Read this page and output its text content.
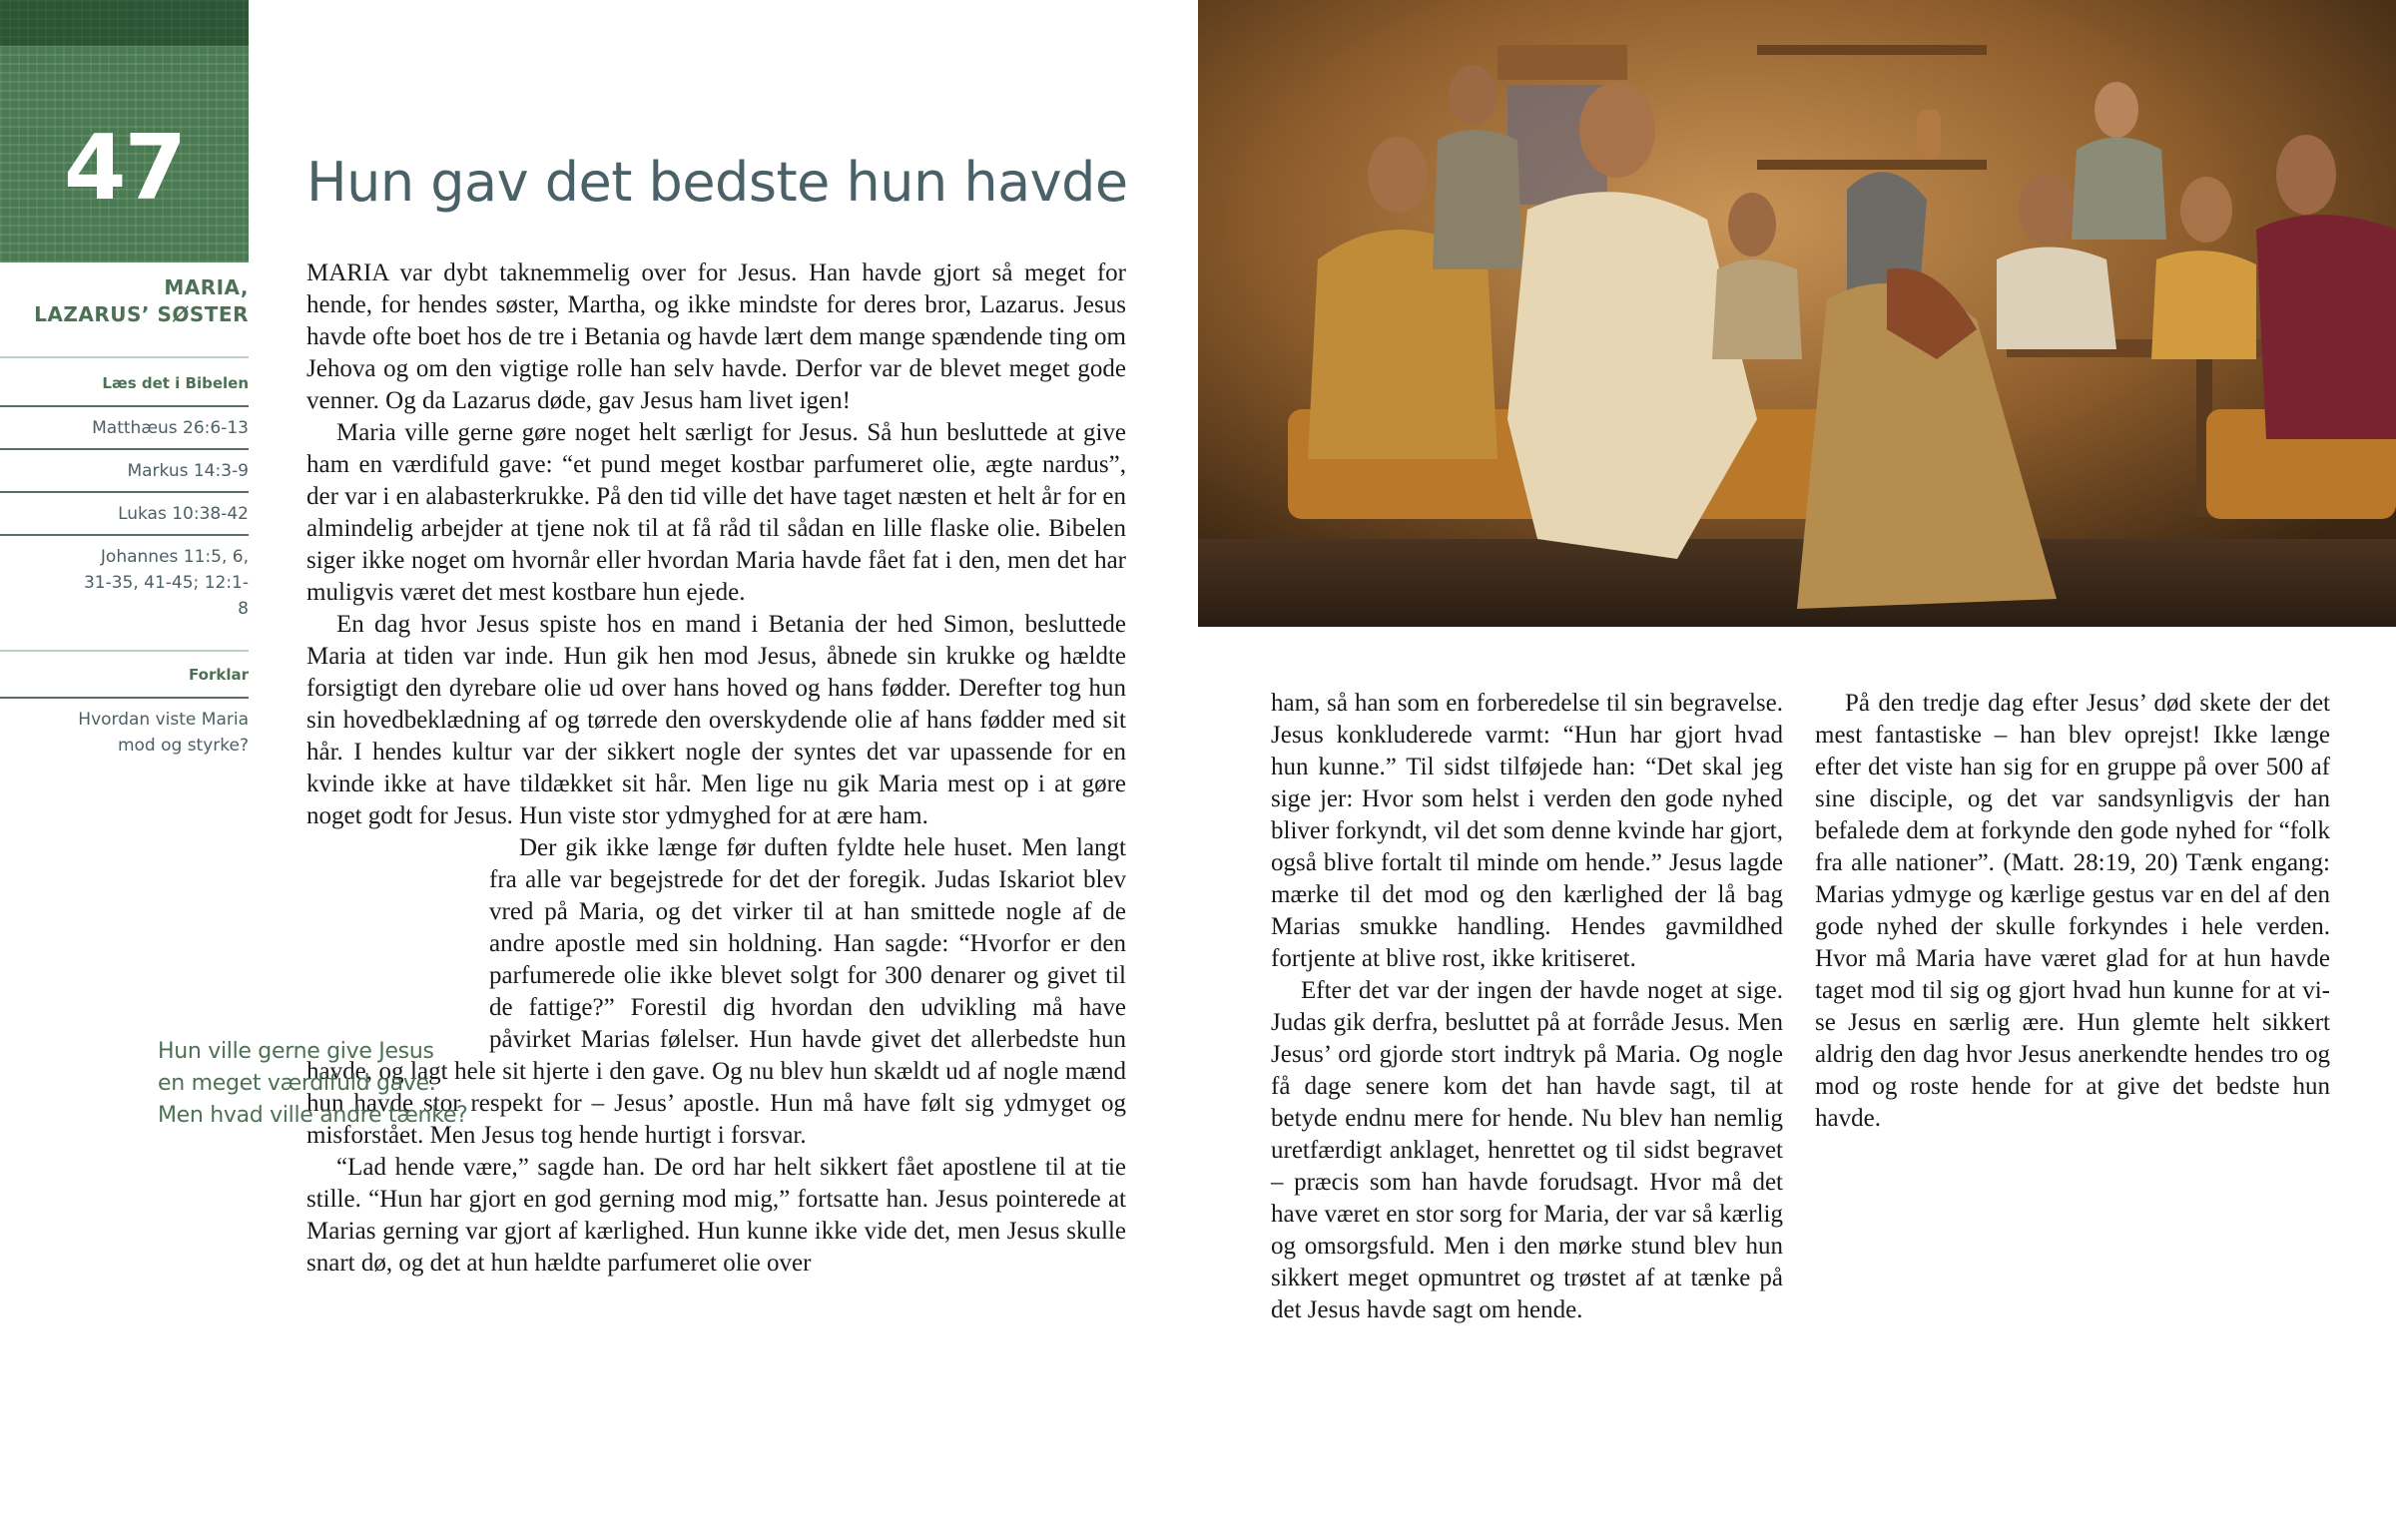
47
MARIA,
LAZARUS’ SØSTER
Læs det i Bibelen
Matthæus 26:6-13
Markus 14:3-9
Lukas 10:38-42
Johannes 11:5, 6, 31-35, 41-45; 12:1-8
Forklar
Hvordan viste Maria mod og styrke?
Hun gav det bedste hun havde

MARIA var dybt taknemmelig over for Jesus. Han havde gjort så meget for hende, for hendes søster, Martha, og ikke mindste for deres bror, Lazarus. Jesus havde ofte boet hos de tre i Betania og havde lært dem mange spændende ting om Jehova og om den vigtige rolle han selv havde. Derfor var de blevet meget gode venner. Og da Lazarus døde, gav Jesus ham livet igen!

Maria ville gerne gøre noget helt særligt for Jesus. Så hun besluttede at give ham en værdifuld gave: “et pund meget kostbar parfumeret olie, ægte nardus”, der var i en alabasterkrukke. På den tid ville det have taget næsten et helt år for en almindelig arbejder at tjene nok til at få råd til sådan en lille flaske olie. Bibelen siger ikke noget om hvornår eller hvordan Maria havde fået fat i den, men det har muligvis været det mest kostbare hun ejede.

En dag hvor Jesus spiste hos en mand i Betania der hed Simon, besluttede Maria at tiden var inde. Hun gik hen mod Jesus, åbnede sin krukke og hældte forsigtigt den dyrebare olie ud over hans hoved og hans fødder. Derefter tog hun sin hovedbeklædning af og tørrede den overskydende olie af hans fødder med sit hår. I hendes kultur var der sikkert nogle der syntes det var upassende for en kvinde ikke at have tildækket sit hår. Men lige nu gik Maria mest op i at gøre noget godt for Jesus. Hun viste stor ydmyghed for at ære ham.

Der gik ikke længe før duften fyldte hele huset. Men langt fra alle var begejstrede for det der foregik. Judas Iskariot blev vred på Maria, og det virker til at han smittede nogle af de andre apostle med sin holdning. Han sagde: “Hvorfor er den parfumerede olie ikke blevet solgt for 300 denarer og givet til de fattige?” Forestil dig hvordan den udvikling må have påvirket Marias følelser. Hun havde givet det allerbedste hun havde, og lagt hele sit hjerte i den gave. Og nu blev hun skældt ud af nogle mænd hun havde stor respekt for – Jesus’ apostle. Hun må have følt sig ydmyget og misforstået. Men Jesus tog hende hurtigt i forsvar.

“Lad hende være,” sagde han. De ord har helt sikkert fået apostlene til at tie stille. “Hun har gjort en god gerning mod mig,” fortsatte han. Jesus pointerede at Marias gerning var gjort af kærlighed. Hun kunne ikke vide det, men Jesus skulle snart dø, og det at hun hældte parfumeret olie over

Hun ville gerne give Jesus
en meget værdifuld gave.
Men hvad ville andre tænke?

ham, så han som en forberedelse til sin begravelse. Jesus konkluderede varmt: “Hun har gjort hvad hun kunne.” Til sidst tilføjede han: “Det skal jeg sige jer: Hvor som helst i verden den gode nyhed bliver forkyndt, vil det som denne kvinde har gjort, også blive fortalt til minde om hende.” Jesus lagde mærke til det mod og den kærlighed der lå bag Marias smukke handling. Hendes gavmildhed fortjente at blive rost, ikke kritiseret.

Efter det var der ingen der havde noget at sige. Judas gik derfra, besluttet på at forråde Jesus. Men Jesus’ ord gjorde stort indtryk på Maria. Og nogle få dage senere kom det han havde sagt, til at betyde endnu mere for hende. Nu blev han nemlig uretfærdigt anklaget, henrettet og til sidst begravet – præcis som han havde forudsagt. Hvor må det have været en stor sorg for Maria, der var så kærlig og omsorgsfuld. Men i den mørke stund blev hun sikkert meget opmuntret og trøstet af at tænke på det Jesus havde sagt om hende.

På den tredje dag efter Jesus’ død skete der det mest fantastiske – han blev oprejst! Ikke længe efter det viste han sig for en gruppe på over 500 af sine disciple, og det var sandsynligvis der han befalede dem at forkynde den gode nyhed for “folk fra alle nationer”. (Matt. 28:19, 20) Tænk engang: Marias ydmyge og kærlige gestus var en del af den gode nyhed der skulle forkyndes i hele verden. Hvor må Maria have været glad for at hun havde taget mod til sig og gjort hvad hun kunne for at vise Jesus en særlig ære. Hun glemte helt sikkert aldrig den dag hvor Jesus anerkendte hendes tro og mod og roste hende for at give det bedste hun havde.
